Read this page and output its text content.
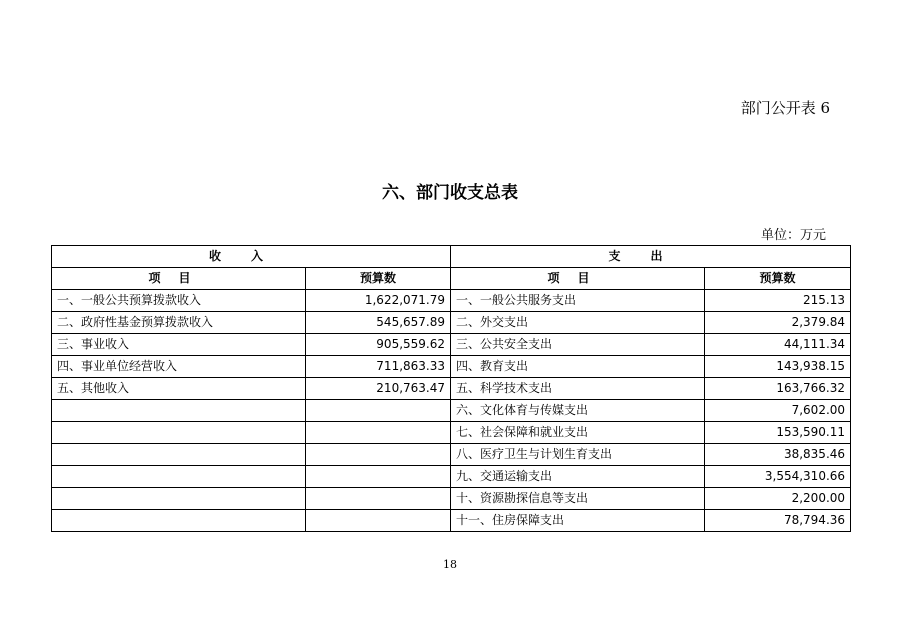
部门公开表 6
六、部门收支总表
单位：万元
收入		支出	
项目	预算数	项目	预算数
一、一般公共预算拨款收入	1,622,071.79	一、一般公共服务支出	215.13
二、政府性基金预算拨款收入	545,657.89	二、外交支出	2,379.84
三、事业收入	905,559.62	三、公共安全支出	44,111.34
四、事业单位经营收入	711,863.33	四、教育支出	143,938.15
五、其他收入	210,763.47	五、科学技术支出	163,766.32
		六、文化体育与传媒支出	7,602.00
		七、社会保障和就业支出	153,590.11
		八、医疗卫生与计划生育支出	38,835.46
		九、交通运输支出	3,554,310.66
		十、资源勘探信息等支出	2,200.00
		十一、住房保障支出	78,794.36
18
